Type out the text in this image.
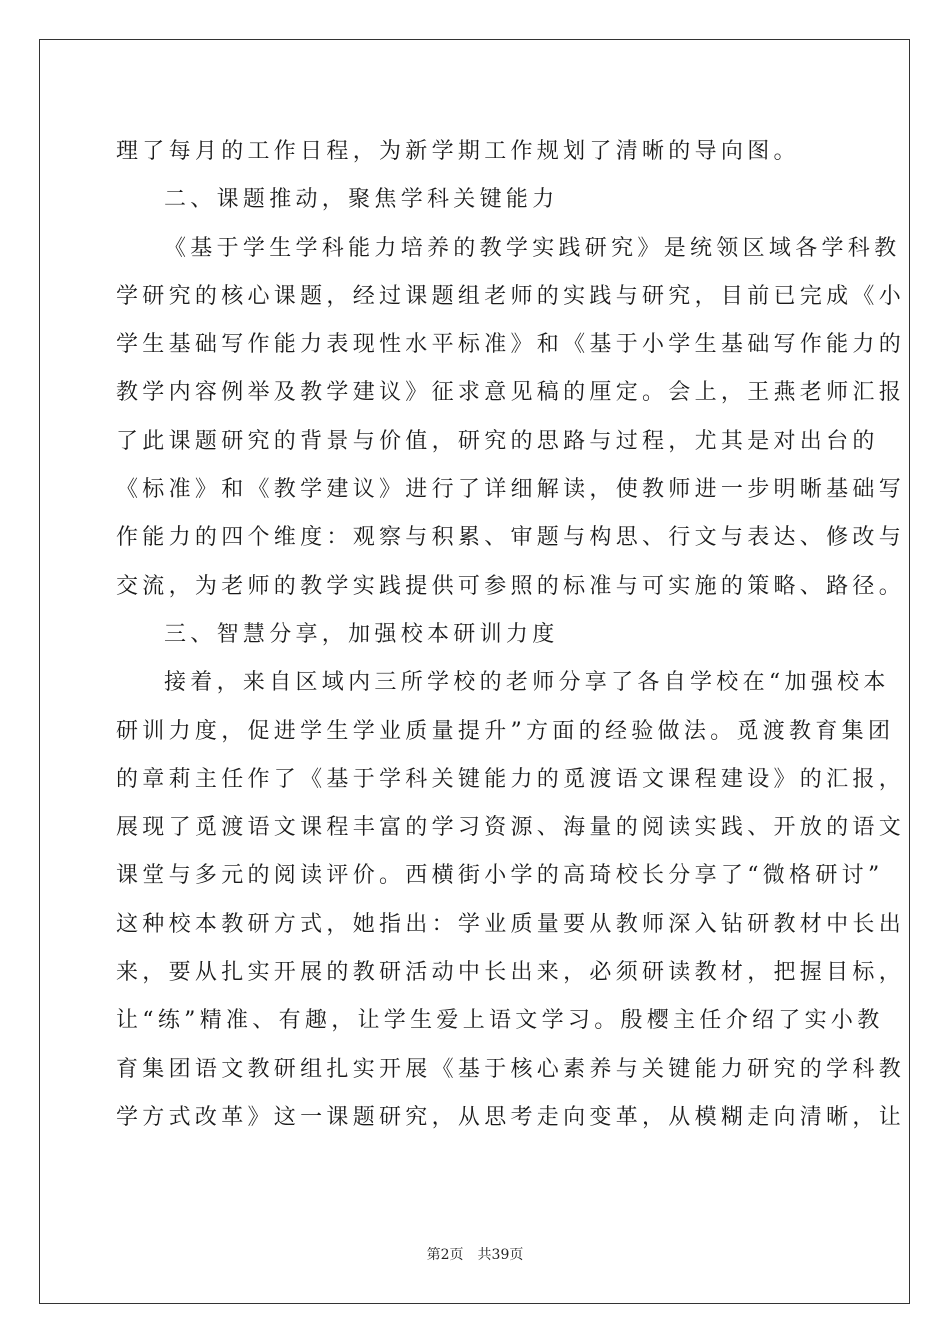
理了每月的工作日程，为新学期工作规划了清晰的导向图。
二、课题推动，聚焦学科关键能力
《基于学生学科能力培养的教学实践研究》是统领区域各学科教
学研究的核心课题，经过课题组老师的实践与研究，目前已完成《小
学生基础写作能力表现性水平标准》和《基于小学生基础写作能力的
教学内容例举及教学建议》征求意见稿的厘定。会上，王燕老师汇报
了此课题研究的背景与价值，研究的思路与过程，尤其是对出台的
《标准》和《教学建议》进行了详细解读，使教师进一步明晰基础写
作能力的四个维度：观察与积累、审题与构思、行文与表达、修改与
交流，为老师的教学实践提供可参照的标准与可实施的策略、路径。
三、智慧分享，加强校本研训力度
接着，来自区域内三所学校的老师分享了各自学校在“加强校本
研训力度，促进学生学业质量提升”方面的经验做法。觅渡教育集团
的章莉主任作了《基于学科关键能力的觅渡语文课程建设》的汇报，
展现了觅渡语文课程丰富的学习资源、海量的阅读实践、开放的语文
课堂与多元的阅读评价。西横街小学的高琦校长分享了“微格研讨”
这种校本教研方式，她指出：学业质量要从教师深入钻研教材中长出
来，要从扎实开展的教研活动中长出来，必须研读教材，把握目标，
让“练”精准、有趣，让学生爱上语文学习。殷樱主任介绍了实小教
育集团语文教研组扎实开展《基于核心素养与关键能力研究的学科教
学方式改革》这一课题研究，从思考走向变革，从模糊走向清晰，让
第2页 共39页
